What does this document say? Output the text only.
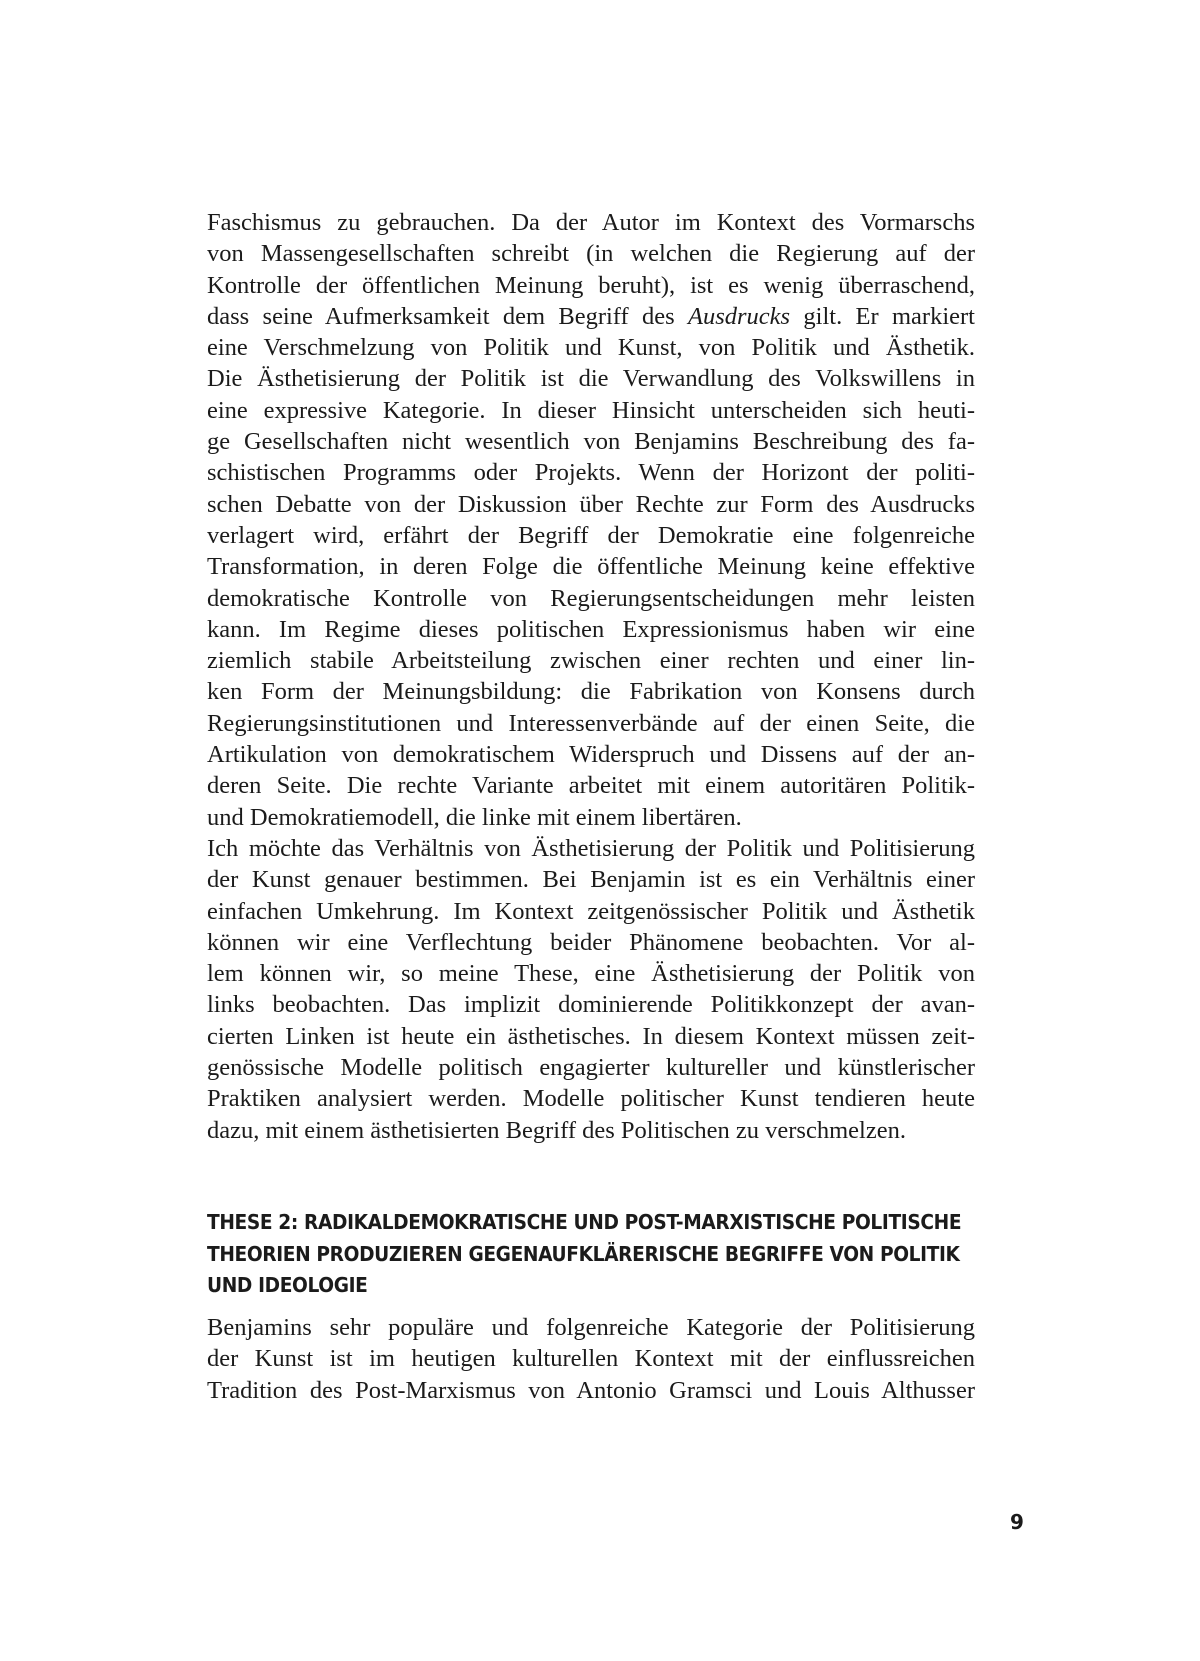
Faschismus zu gebrauchen. Da der Autor im Kontext des Vormarschs
von Massengesellschaften schreibt (in welchen die Regierung auf der
Kontrolle der öffentlichen Meinung beruht), ist es wenig überraschend,
dass seine Aufmerksamkeit dem Begriff des Ausdrucks gilt. Er markiert
eine Verschmelzung von Politik und Kunst, von Politik und Ästhetik.
Die Ästhetisierung der Politik ist die Verwandlung des Volkswillens in
eine expressive Kategorie. In dieser Hinsicht unterscheiden sich heuti-
ge Gesellschaften nicht wesentlich von Benjamins Beschreibung des fa-
schistischen Programms oder Projekts. Wenn der Horizont der politi-
schen Debatte von der Diskussion über Rechte zur Form des Ausdrucks
verlagert wird, erfährt der Begriff der Demokratie eine folgenreiche
Transformation, in deren Folge die öffentliche Meinung keine effektive
demokratische Kontrolle von Regierungsentscheidungen mehr leisten
kann. Im Regime dieses politischen Expressionismus haben wir eine
ziemlich stabile Arbeitsteilung zwischen einer rechten und einer lin-
ken Form der Meinungsbildung: die Fabrikation von Konsens durch
Regierungsinstitutionen und Interessenverbände auf der einen Seite, die
Artikulation von demokratischem Widerspruch und Dissens auf der an-
deren Seite. Die rechte Variante arbeitet mit einem autoritären Politik-
und Demokratiemodell, die linke mit einem libertären.
Ich möchte das Verhältnis von Ästhetisierung der Politik und Politisierung
der Kunst genauer bestimmen. Bei Benjamin ist es ein Verhältnis einer
einfachen Umkehrung. Im Kontext zeitgenössischer Politik und Ästhetik
können wir eine Verflechtung beider Phänomene beobachten. Vor al-
lem können wir, so meine These, eine Ästhetisierung der Politik von
links beobachten. Das implizit dominierende Politikkonzept der avan-
cierten Linken ist heute ein ästhetisches. In diesem Kontext müssen zeit-
genössische Modelle politisch engagierter kultureller und künstlerischer
Praktiken analysiert werden. Modelle politischer Kunst tendieren heute
dazu, mit einem ästhetisierten Begriff des Politischen zu verschmelzen.
THESE 2: RADIKALDEMOKRATISCHE UND POST-MARXISTISCHE POLITISCHE
THEORIEN PRODUZIEREN GEGENAUFKLÄRERISCHE BEGRIFFE VON POLITIK
UND IDEOLOGIE
Benjamins sehr populäre und folgenreiche Kategorie der Politisierung
der Kunst ist im heutigen kulturellen Kontext mit der einflussreichen
Tradition des Post-Marxismus von Antonio Gramsci und Louis Althusser
9
